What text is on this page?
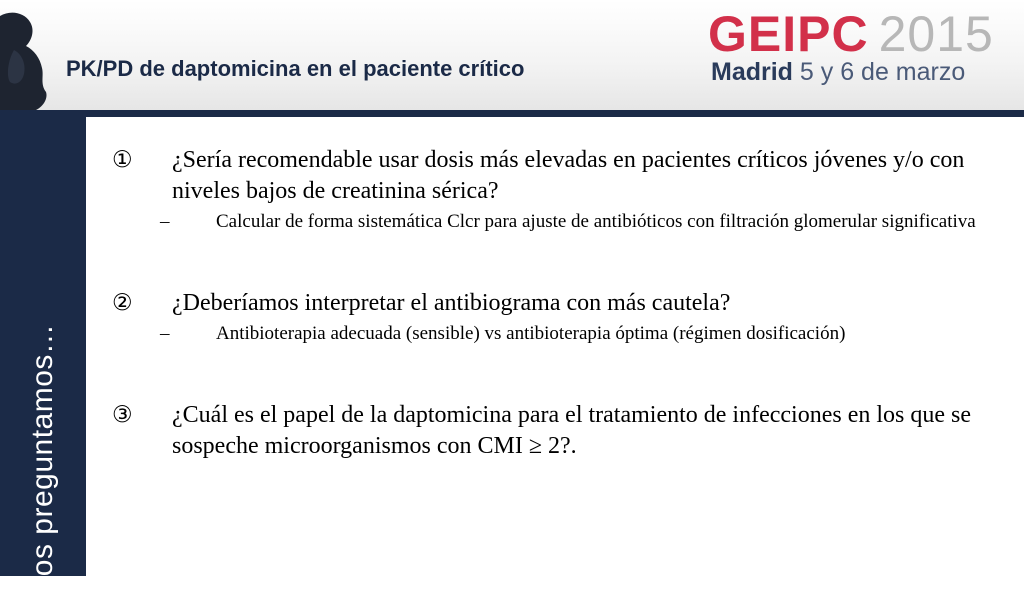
PK/PD de daptomicina en el paciente crítico
GEIPC 2015
Madrid 5 y 6 de marzo
Nos preguntamos…
① ¿Sería recomendable usar dosis más elevadas en pacientes críticos jóvenes y/o con niveles bajos de creatinina sérica?
– Calcular de forma sistemática Clcr para ajuste de antibióticos con filtración glomerular significativa
② ¿Deberíamos interpretar el antibiograma con más cautela?
– Antibioterapia adecuada (sensible) vs antibioterapia óptima (régimen dosificación)
③ ¿Cuál es el papel de la daptomicina para el tratamiento de infecciones en los que se sospeche microorganismos con CMI ≥ 2?.
